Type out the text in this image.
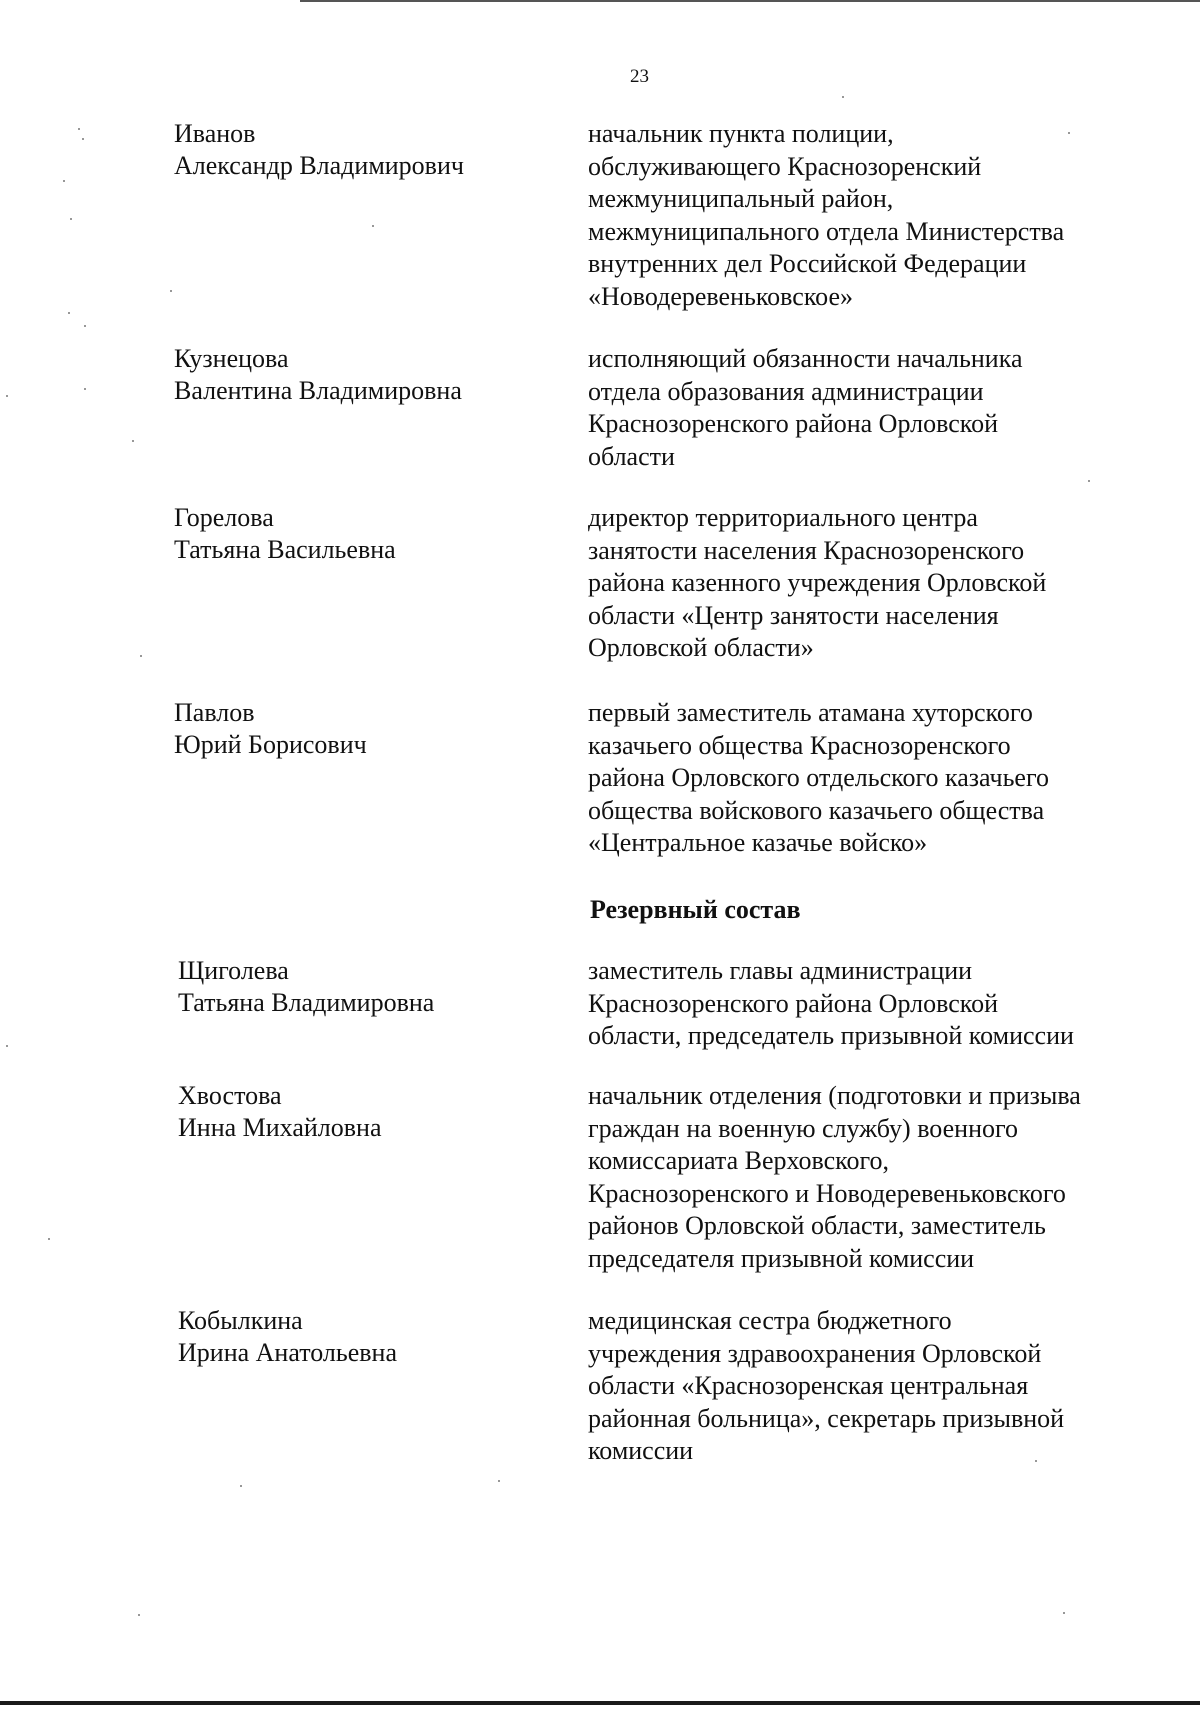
23
Иванов
Александр Владимирович
начальник пункта полиции,
обслуживающего Краснозоренский
межмуниципальный район,
межмуниципального отдела Министерства
внутренних дел Российской Федерации
«Новодеревеньковское»
Кузнецова
Валентина Владимировна
исполняющий обязанности начальника
отдела образования администрации
Краснозоренского района Орловской
области
Горелова
Татьяна Васильевна
директор территориального центра
занятости населения Краснозоренского
района казенного учреждения Орловской
области «Центр занятости населения
Орловской области»
Павлов
Юрий Борисович
первый заместитель атамана хуторского
казачьего общества Краснозоренского
района Орловского отдельского казачьего
общества войскового казачьего общества
«Центральное казачье войско»
Резервный состав
Щиголева
Татьяна Владимировна
заместитель главы администрации
Краснозоренского района Орловской
области, председатель призывной комиссии
Хвостова
Инна Михайловна
начальник отделения (подготовки и призыва
граждан на военную службу) военного
комиссариата Верховского,
Краснозоренского и Новодеревеньковского
районов Орловской области, заместитель
председателя призывной комиссии
Кобылкина
Ирина Анатольевна
медицинская сестра бюджетного
учреждения здравоохранения Орловской
области «Краснозоренская центральная
районная больница», секретарь призывной
комиссии
